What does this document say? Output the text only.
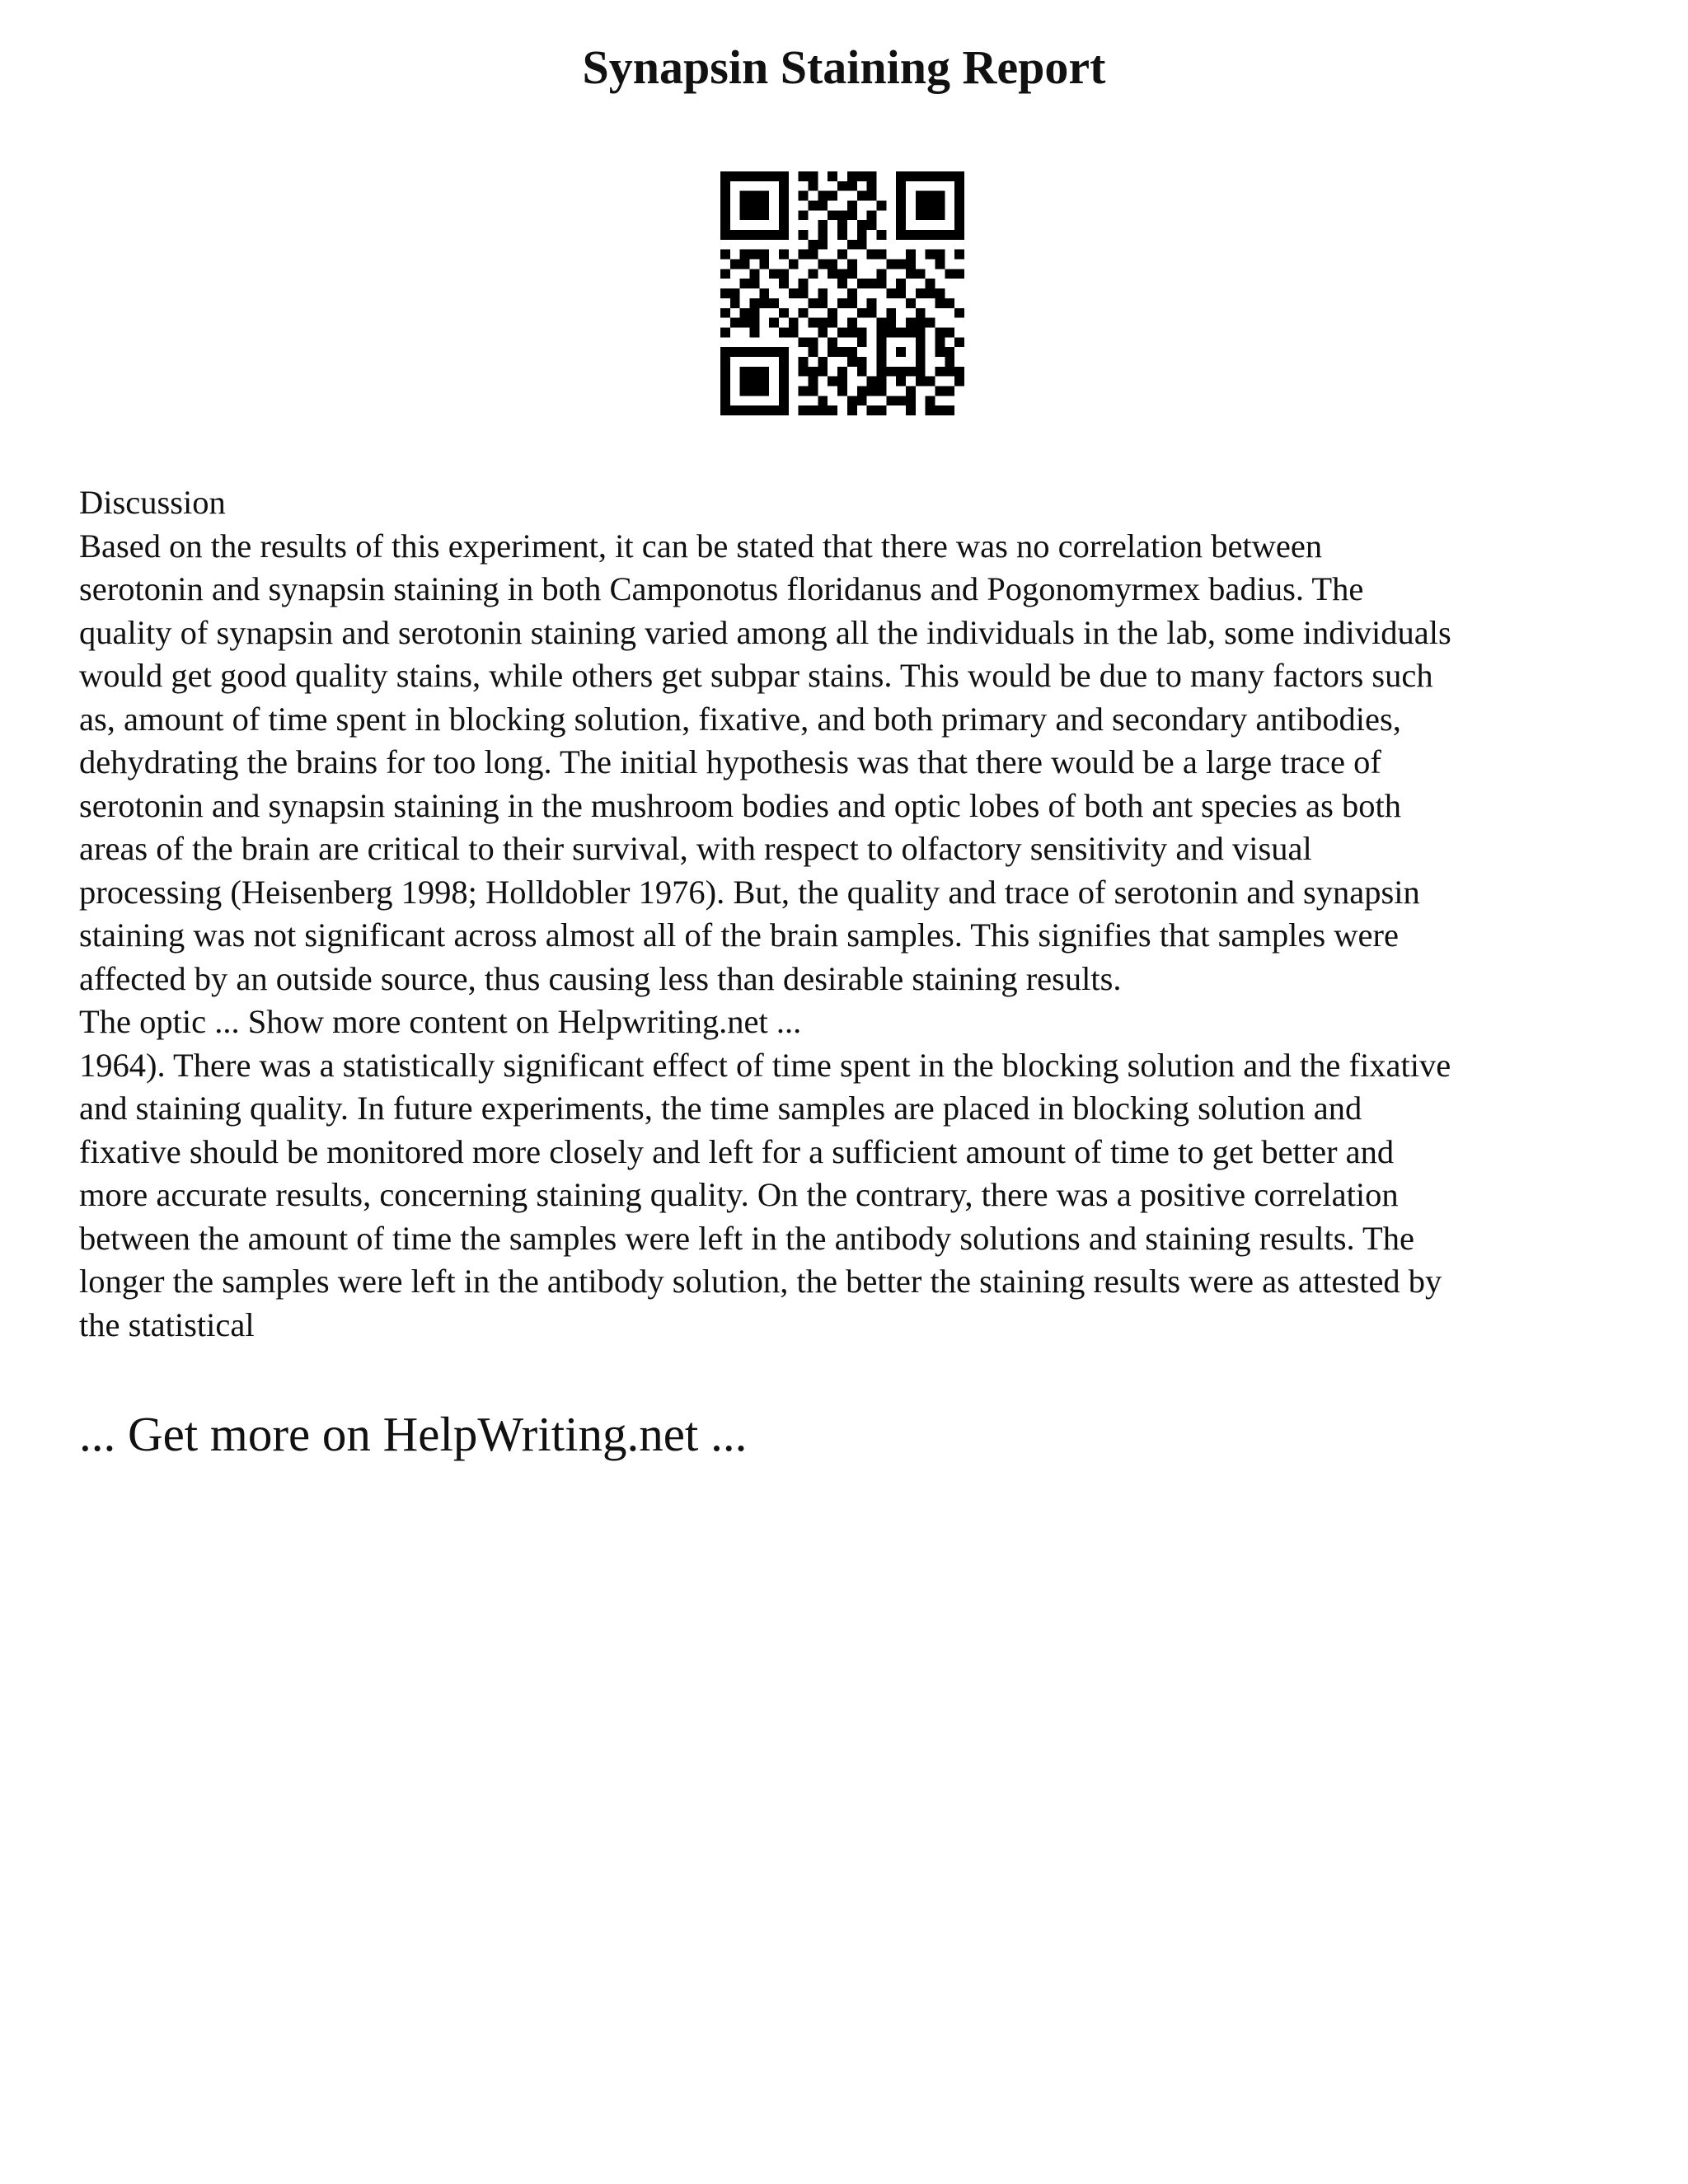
Synapsin Staining Report

Discussion

Based on the results of this experiment, it can be stated that there was no correlation between
serotonin and synapsin staining in both Camponotus floridanus and Pogonomyrmex badius. The
quality of synapsin and serotonin staining varied among all the individuals in the lab, some individuals
would get good quality stains, while others get subpar stains. This would be due to many factors such
as, amount of time spent in blocking solution, fixative, and both primary and secondary antibodies,
dehydrating the brains for too long. The initial hypothesis was that there would be a large trace of
serotonin and synapsin staining in the mushroom bodies and optic lobes of both ant species as both
areas of the brain are critical to their survival, with respect to olfactory sensitivity and visual
processing (Heisenberg 1998; Holldobler 1976). But, the quality and trace of serotonin and synapsin
staining was not significant across almost all of the brain samples. This signifies that samples were
affected by an outside source, thus causing less than desirable staining results.

The optic ... Show more content on Helpwriting.net ...

1964). There was a statistically significant effect of time spent in the blocking solution and the fixative
and staining quality. In future experiments, the time samples are placed in blocking solution and
fixative should be monitored more closely and left for a sufficient amount of time to get better and
more accurate results, concerning staining quality. On the contrary, there was a positive correlation
between the amount of time the samples were left in the antibody solutions and staining results. The
longer the samples were left in the antibody solution, the better the staining results were as attested by
the statistical

... Get more on HelpWriting.net ...
